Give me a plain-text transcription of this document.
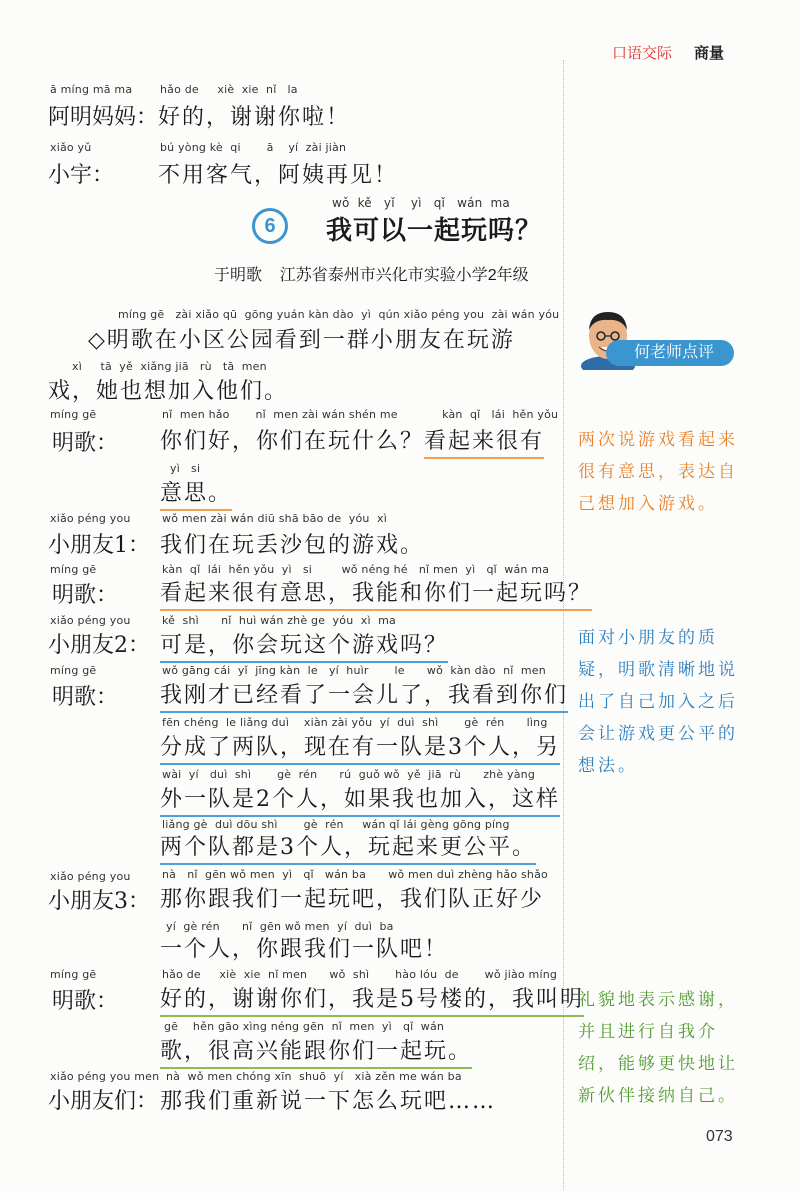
口语交际 商量
ā míng mā ma	hǎo de     xiè  xie  nǐ   la
阿明妈妈： 好的，谢谢你啦！
xiǎo yǔ	bú yòng kè  qi       ā    yí  zài jiàn
小宇： 不用客气，阿姨再见！
6
wǒ  kě   yǐ    yì   qǐ   wán  ma
我可以一起玩吗？
于明歌    江苏省泰州市兴化市实验小学2年级
míng gē   zài xiǎo qū  gōng yuán kàn dào  yì  qún xiǎo péng you  zài wán yóu
◇明歌在小区公园看到一群小朋友在玩游
xì     tā  yě  xiǎng jiā   rù   tā  men
戏，她也想加入他们。
míng gē
明歌：
nǐ  men hǎo       nǐ  men zài wán shén me            kàn  qǐ   lái  hěn yǒu
你们好，你们在玩什么？ 看起来很有
yì   si
意思。
xiǎo péng you
小朋友1：
wǒ men zài wán diū shā bāo de  yóu  xì
我们在玩丢沙包的游戏。
míng gē
明歌：
kàn  qǐ  lái  hěn yǒu  yì   si        wǒ néng hé   nǐ men  yì   qǐ  wán ma
看起来很有意思，我能和你们一起玩吗？
xiǎo péng you
小朋友2：
kě  shì      nǐ  huì wán zhè ge  yóu  xì  ma
可是，你会玩这个游戏吗？
míng gē
明歌：
wǒ gāng cái  yǐ  jīng kàn  le   yí  huìr       le      wǒ  kàn dào  nǐ  men
我刚才已经看了一会儿了，我看到你们
fēn chéng  le liǎng duì    xiàn zài yǒu  yí  duì  shì       gè  rén      lìng
分成了两队，现在有一队是3个人，另
wài  yí   duì  shì       gè  rén      rú  guǒ wǒ  yě  jiā  rù      zhè yàng
外一队是2个人，如果我也加入，这样
liǎng gè  duì dōu shì       gè  rén     wán qǐ lái gèng gōng píng
两个队都是3个人，玩起来更公平。
xiǎo péng you
小朋友3：
nà   nǐ  gēn wǒ men  yì   qǐ   wán ba      wǒ men duì zhèng hǎo shǎo
那你跟我们一起玩吧，我们队正好少
yí  gè rén      nǐ  gēn wǒ men  yí  duì  ba
一个人，你跟我们一队吧！
míng gē
明歌：
hǎo de     xiè  xie  nǐ men      wǒ  shì       hào lóu  de       wǒ jiào míng
好的，谢谢你们，我是5号楼的，我叫明
gē    hěn gāo xìng néng gēn  nǐ  men  yì   qǐ  wán
歌，很高兴能跟你们一起玩。
xiǎo péng you men
小朋友们：
nà  wǒ men chóng xīn  shuō  yí   xià zěn me wán ba
那我们重新说一下怎么玩吧……
何老师点评
两次说游戏看起来很有意思，表达自己想加入游戏。
面对小朋友的质疑，明歌清晰地说出了自己加入之后会让游戏更公平的想法。
礼貌地表示感谢，并且进行自我介绍，能够更快地让新伙伴接纳自己。
073
